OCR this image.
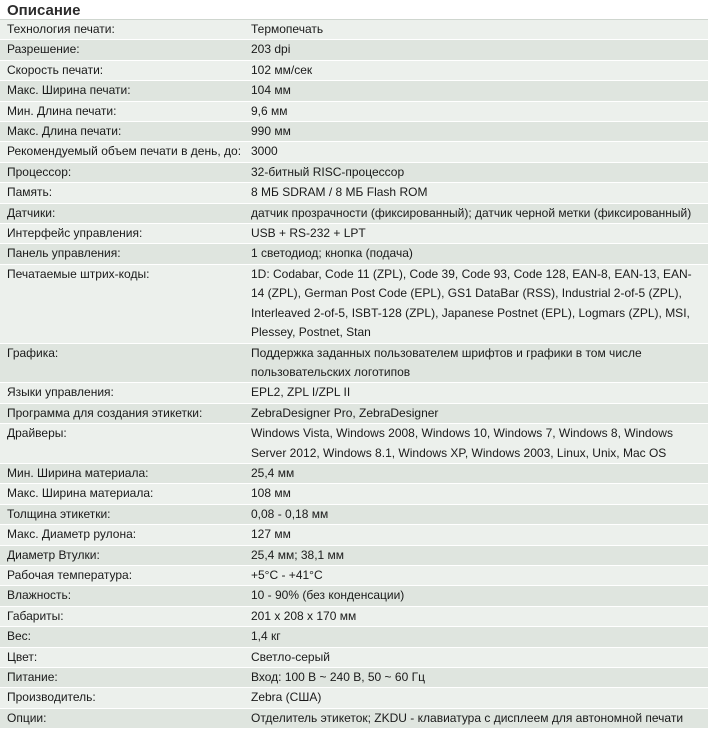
Описание
Технология печати:	Термопечать
Разрешение:	203 dpi
Скорость печати:	102 мм/сек
Макс. Ширина печати:	104 мм
Мин. Длина печати:	9,6 мм
Макс. Длина печати:	990 мм
Рекомендуемый объем печати в день, до:	3000
Процессор:	32-битный RISC-процессор
Память:	8 МБ SDRAM / 8 МБ Flash ROM
Датчики:	датчик прозрачности (фиксированный); датчик черной метки (фиксированный)
Интерфейс управления:	USB + RS-232 + LPT
Панель управления:	1 светодиод; кнопка (подача)
Печатаемые штрих-коды:	1D: Codabar, Code 11 (ZPL), Code 39, Code 93, Code 128, EAN-8, EAN-13, EAN-14 (ZPL), German Post Code (EPL), GS1 DataBar (RSS), Industrial 2-of-5 (ZPL), Interleaved 2-of-5, ISBT-128 (ZPL), Japanese Postnet (EPL), Logmars (ZPL), MSI, Plessey, Postnet, Stan
Графика:	Поддержка заданных пользователем шрифтов и графики в том числе пользовательских логотипов
Языки управления:	EPL2, ZPL I/ZPL II
Программа для создания этикетки:	ZebraDesigner Pro, ZebraDesigner
Драйверы:	Windows Vista, Windows 2008, Windows 10, Windows 7, Windows 8, Windows Server 2012, Windows 8.1, Windows XP, Windows 2003, Linux, Unix, Mac OS
Мин. Ширина материала:	25,4 мм
Макс. Ширина материала:	108 мм
Толщина этикетки:	0,08 - 0,18 мм
Макс. Диаметр рулона:	127 мм
Диаметр Втулки:	25,4 мм; 38,1 мм
Рабочая температура:	+5°C - +41°C
Влажность:	10 - 90% (без конденсации)
Габариты:	201 x 208 x 170 мм
Вес:	1,4 кг
Цвет:	Светло-серый
Питание:	Вход: 100 В ~ 240 В, 50 ~ 60 Гц
Производитель:	Zebra (США)
Опции:	Отделитель этикеток; ZKDU - клавиатура с дисплеем для автономной печати
